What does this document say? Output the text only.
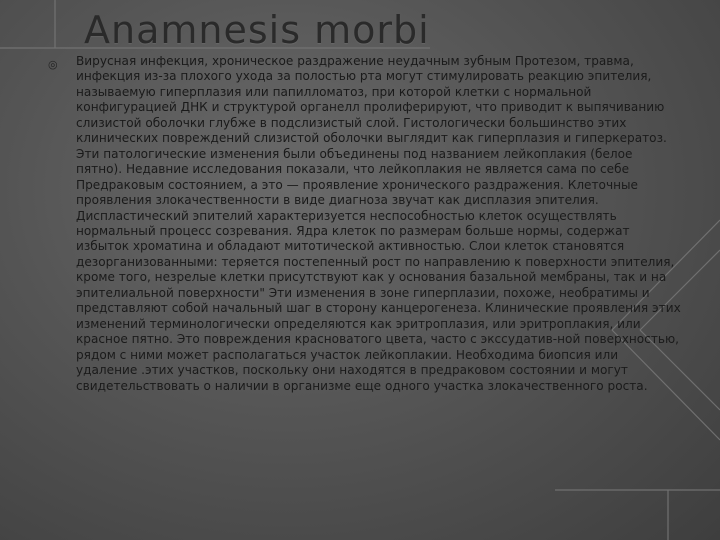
Anamnesis morbi
◎ Вирусная инфекция, хроническое раздражение неудачным зубным Протезом, травма, инфекция из-за плохого ухода за полостью рта могут стимулировать реакцию эпителия, называемую гиперплазия или папилломатоз, при которой клетки с нормальной конфигурацией ДНК и структурой органелл пролиферируют, что приводит к выпячиванию слизистой оболочки глубже в подслизистый слой. Гистологически большинство этих клинических повреждений слизистой оболочки выглядит как гиперплазия и гиперкератоз. Эти патологические изменения были объединены под названием лейкоплакия (белое пятно). Недавние исследования показали, что лейкоплакия не является сама по себе Предраковым состоянием, а это — проявление хронического раздражения. Клеточные проявления злокачественности в виде диагноза звучат как дисплазия эпителия. Диспластический эпителий характеризуется неспособностью клеток осуществлять нормальный процесс созревания. Ядра клеток по размерам больше нормы, содержат избыток хроматина и обладают митотической активностью. Слои клеток становятся дезорганизованными: теряется постепенный рост по направлению к поверхности эпителия, кроме того, незрелые клетки присутствуют как у основания базальной мембраны, так и на эпителиальной поверхности" Эти изменения в зоне гиперплазии, похоже, необратимы и представляют собой начальный шаг в сторону канцерогенеза. Клинические проявления этих изменений терминологически определяются как эритроплазия, или эритроплакия, или красное пятно. Это повреждения красноватого цвета, часто с экссудатив-ной поверхностью, рядом с ними может располагаться участок лейкоплакии. Необходима биопсия или удаление .этих участков, поскольку они находятся в предраковом состоянии и могут свидетельствовать о наличии в организме еще одного участка злокачественного роста.
